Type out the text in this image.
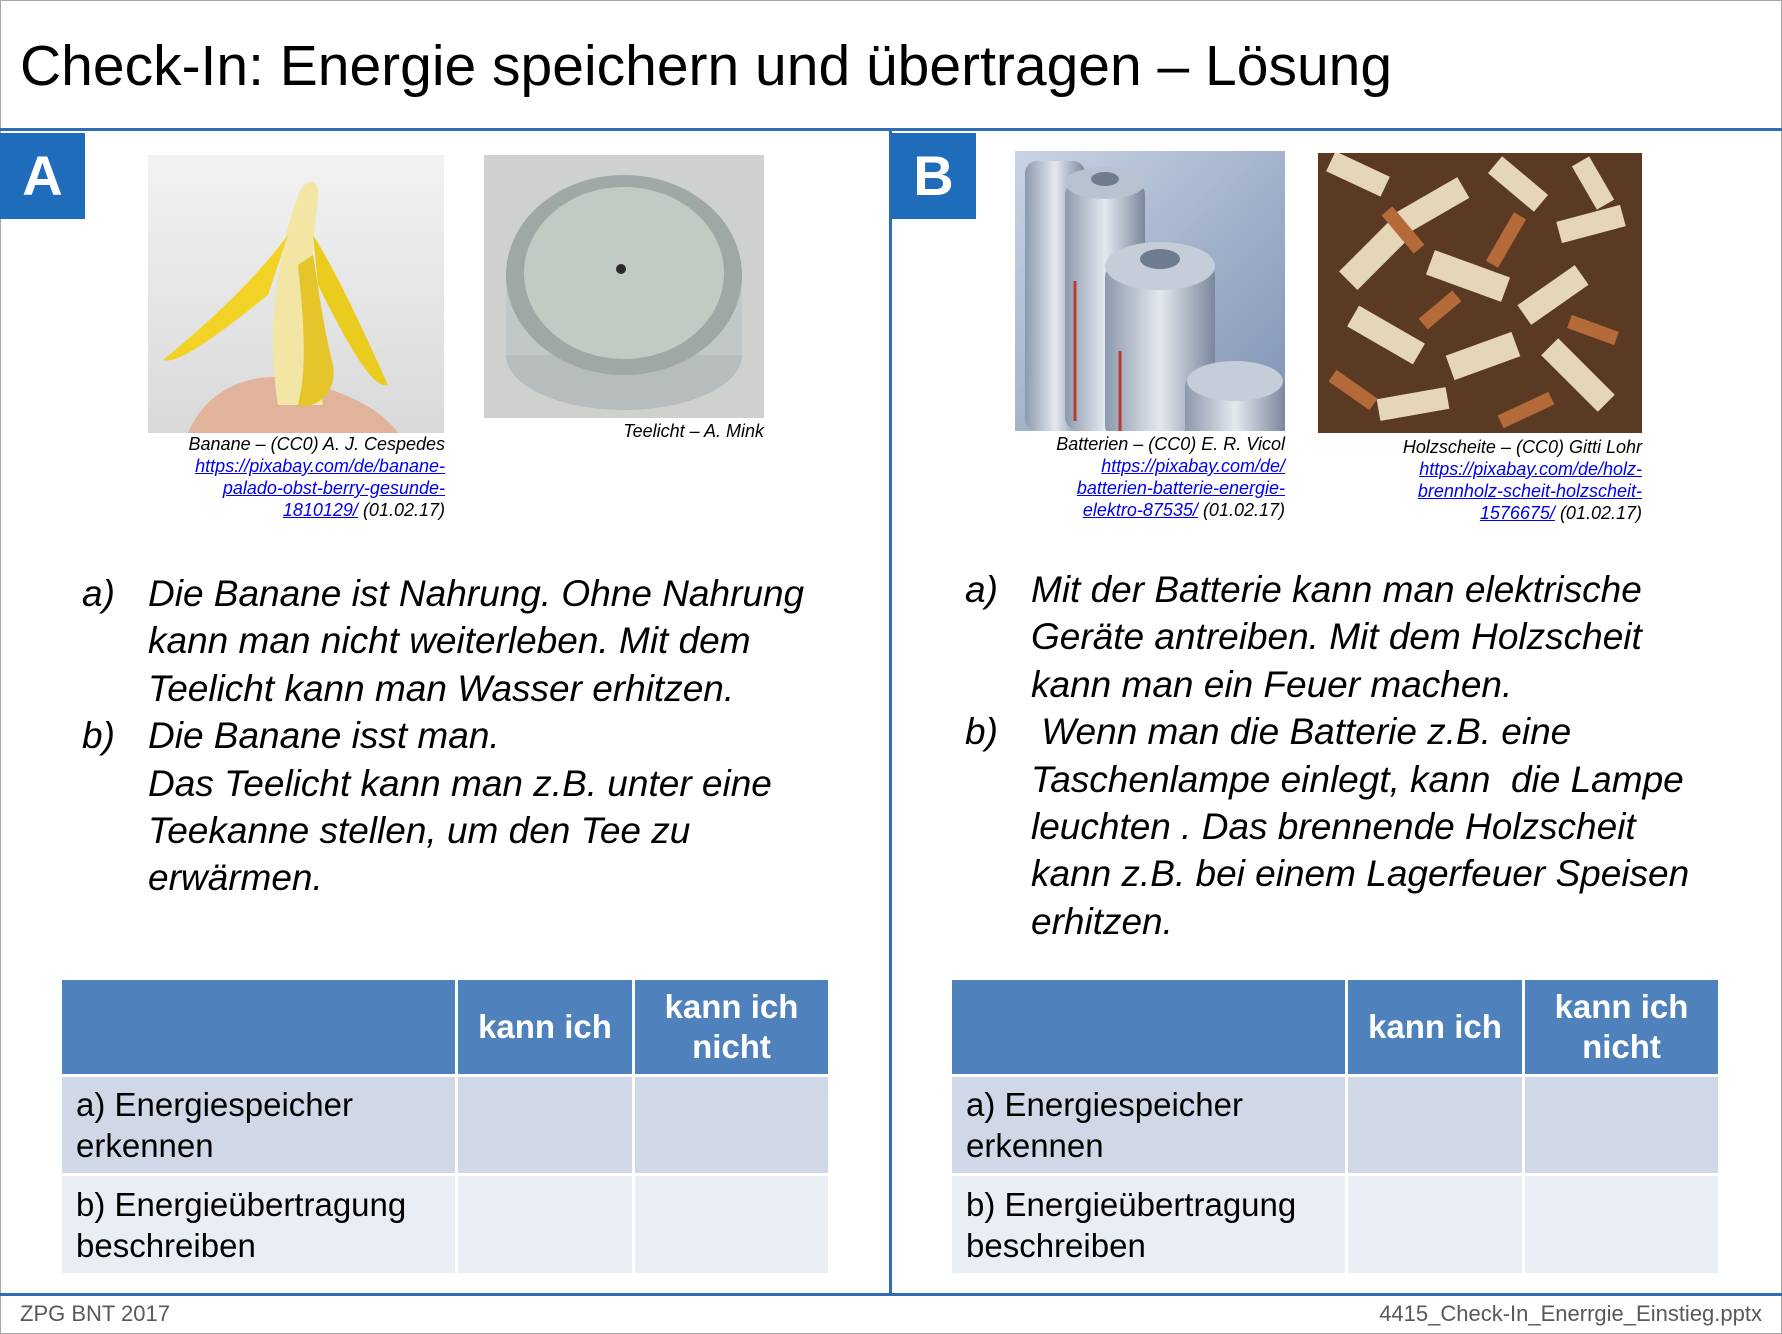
Check-In: Energie speichern und übertragen – Lösung
A
Banane – (CC0) A. J. Cespedes
https://pixabay.com/de/banane-
palado-obst-berry-gesunde-
1810129/ (01.02.17)
Teelicht – A. Mink
a) Die Banane ist Nahrung. Ohne Nahrung kann man nicht weiterleben. Mit dem Teelicht kann man Wasser erhitzen.
b) Die Banane isst man.
Das Teelicht kann man z.B. unter eine Teekanne stellen, um den Tee zu erwärmen.
	kann ich	kann ich nicht
a) Energiespeicher erkennen		
b) Energieübertragung beschreiben		
B
Batterien – (CC0) E. R. Vicol
https://pixabay.com/de/
batterien-batterie-energie-
elektro-87535/ (01.02.17)
Holzscheite – (CC0) Gitti Lohr
https://pixabay.com/de/holz-
brennholz-scheit-holzscheit-
1576675/ (01.02.17)
a) Mit der Batterie kann man elektrische Geräte antreiben. Mit dem Holzscheit kann man ein Feuer machen.
b) Wenn man die Batterie z.B. eine Taschenlampe einlegt, kann  die Lampe leuchten . Das brennende Holzscheit kann z.B. bei einem Lagerfeuer Speisen erhitzen.
	kann ich	kann ich nicht
a) Energiespeicher erkennen		
b) Energieübertragung beschreiben		
ZPG BNT 2017	4415_Check-In_Enerrgie_Einstieg.pptx
